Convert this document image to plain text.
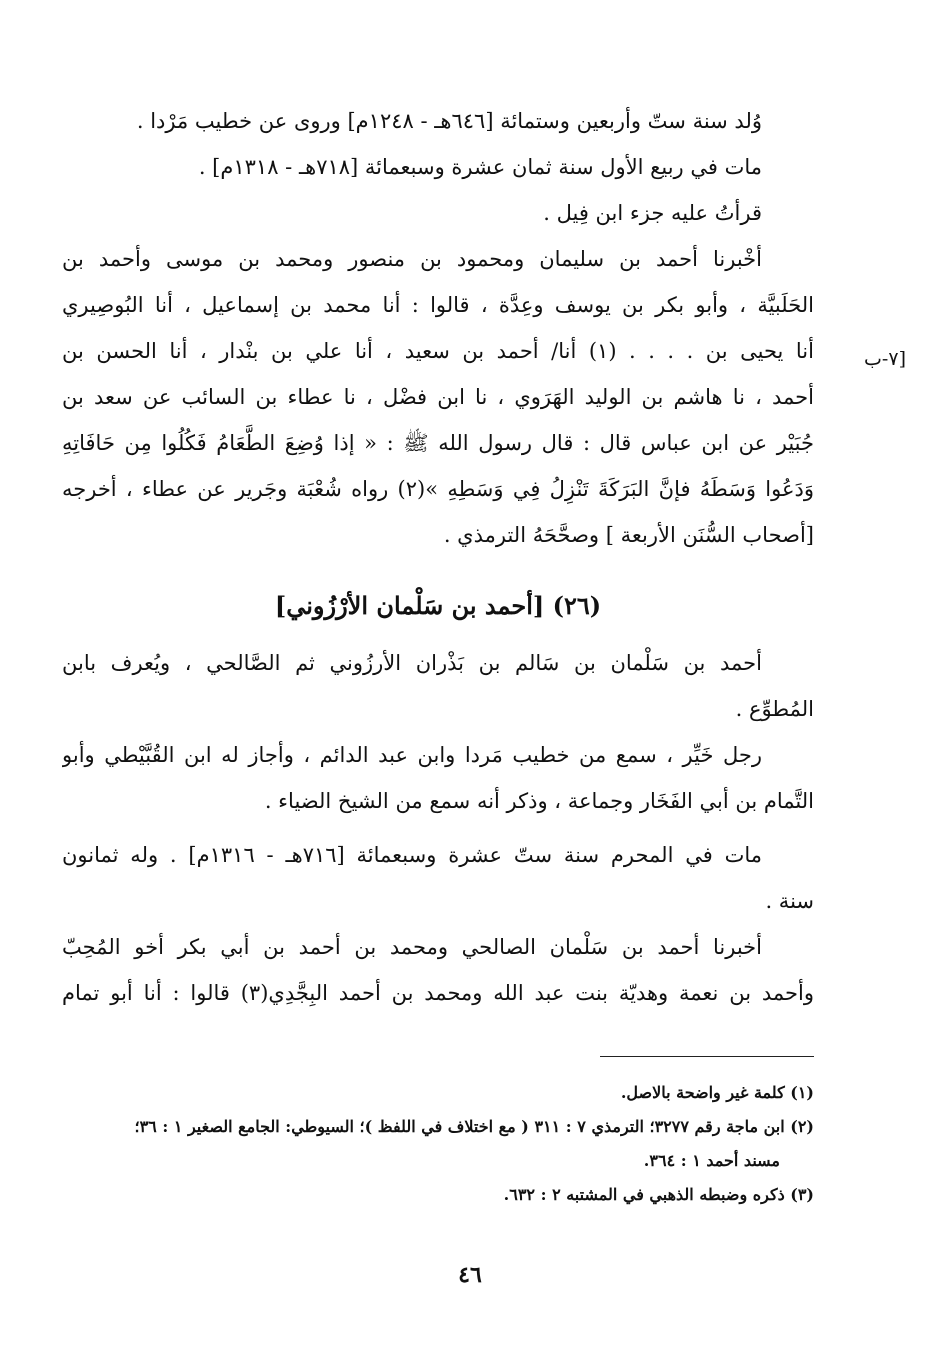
وُلد سنة ستّ وأربعين وستمائة [٦٤٦هـ - ١٢٤٨م] وروى عن خطيب مَرْدا .
مات في ربيع الأول سنة ثمان عشرة وسبعمائة [٧١٨هـ - ١٣١٨م] .
قرأتُ عليه جزء ابن فِيل .
أخْبرنا أحمد بن سليمان ومحمود بن منصور ومحمد بن موسى وأحمد بن
الحَلَبيَّة ، وأبو بكر بن يوسف وعِدَّة ، قالوا : أنا محمد بن إسماعيل ، أنا البُوصِيري
أنا يحيى بن . . . . (١) أنا/ أحمد بن سعيد ، أنا علي بن بنْدار ، أنا الحسن بن
أحمد ، نا هاشم بن الوليد الهَرَوي ، نا ابن فضْل ، نا عطاء بن السائب عن سعد بن
جُبَيْر عن ابن عباس قال : قال رسول الله ﷺ : « إذا وُضِعَ الطَّعَامُ فَكُلُوا مِن حَافَاتِهِ
وَدَعُوا وَسَطَهُ فإنَّ البَرَكَةَ تَنْزِلُ فِي وَسَطِهِ »(٢) رواه شُعْبَة وجَرير عن عطاء ، أخرجه
[أصحاب السُّنَن الأربعة ] وصحَّحَهُ الترمذي .
[٧-ب
(٢٦) [أحمد بن سَلْمان الأرْزُوني]
أحمد بن سَلْمان بن سَالم بن بَذْران الأرزُوني ثم الصَّالحي ، ويُعرف بابن
المُطوِّع .
رجل خَيِّر ، سمع من خطيب مَردا وابن عبد الدائم ، وأجاز له ابن القُبَّيْطي وأبو
التَّمام بن أبي الفَخَار وجماعة ، وذكر أنه سمع من الشيخ الضياء .
مات في المحرم سنة ستّ عشرة وسبعمائة [٧١٦هـ - ١٣١٦م] . وله ثمانون
سنة .
أخبرنا أحمد بن سَلْمان الصالحي ومحمد بن أحمد بن أبي بكر أخو المُحِبّ
وأحمد بن نعمة وهديّة بنت عبد الله ومحمد بن أحمد البِجَّدِي(٣) قالوا : أنا أبو تمام
(١) كلمة غير واضحة بالاصل.
(٢) ابن ماجة رقم ٣٢٧٧؛ الترمذي ٧ : ٣١١ ( مع اختلاف في اللفظ )؛ السيوطي: الجامع الصغير ١ : ٣٦؛
مسند أحمد ١ : ٣٦٤.
(٣) ذكره وضبطه الذهبي في المشتبه ٢ : ٦٣٢.
٤٦
